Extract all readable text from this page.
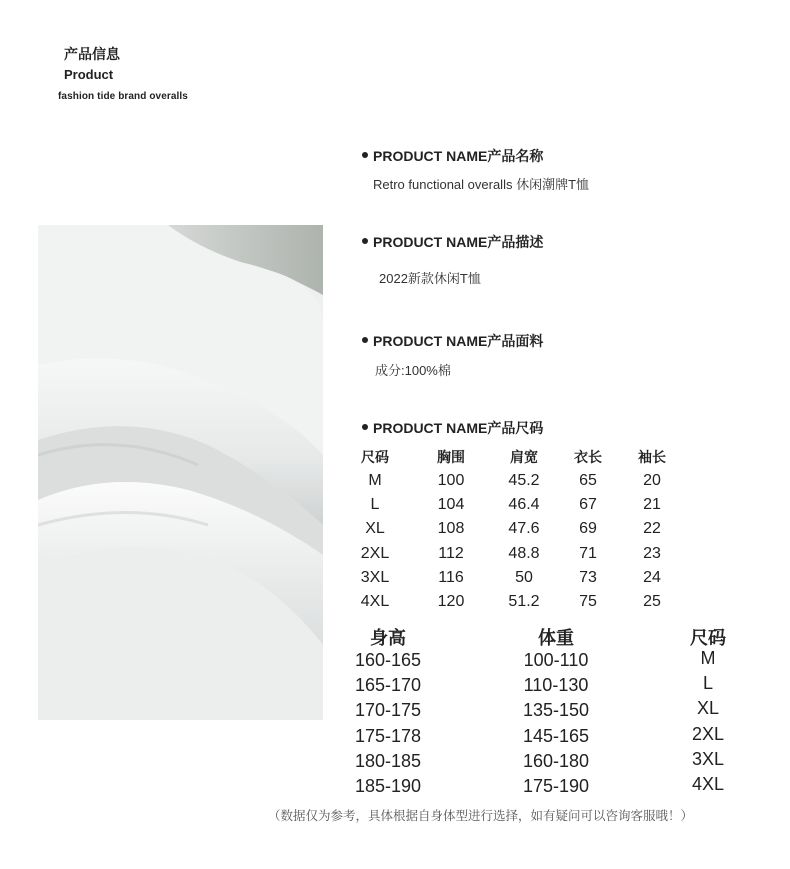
产品信息
Product
fashion tide brand overalls
PRODUCT NAME产品名称
Retro functional overalls 休闲潮牌T恤
PRODUCT NAME产品描述
2022新款休闲T恤
PRODUCT NAME产品面料
成分:100%棉
PRODUCT NAME产品尺码
尺码	胸围	肩宽	衣长	袖长
M	100	45.2	65	20
L	104	46.4	67	21
XL	108	47.6	69	22
2XL	112	48.8	71	23
3XL	116	50	73	24
4XL	120	51.2	75	25
身高	体重	尺码
160-165	100-110	M
165-170	110-130	L
170-175	135-150	XL
175-178	145-165	2XL
180-185	160-180	3XL
185-190	175-190	4XL
（数据仅为参考，具体根据自身体型进行选择，如有疑问可以咨询客服哦！）
